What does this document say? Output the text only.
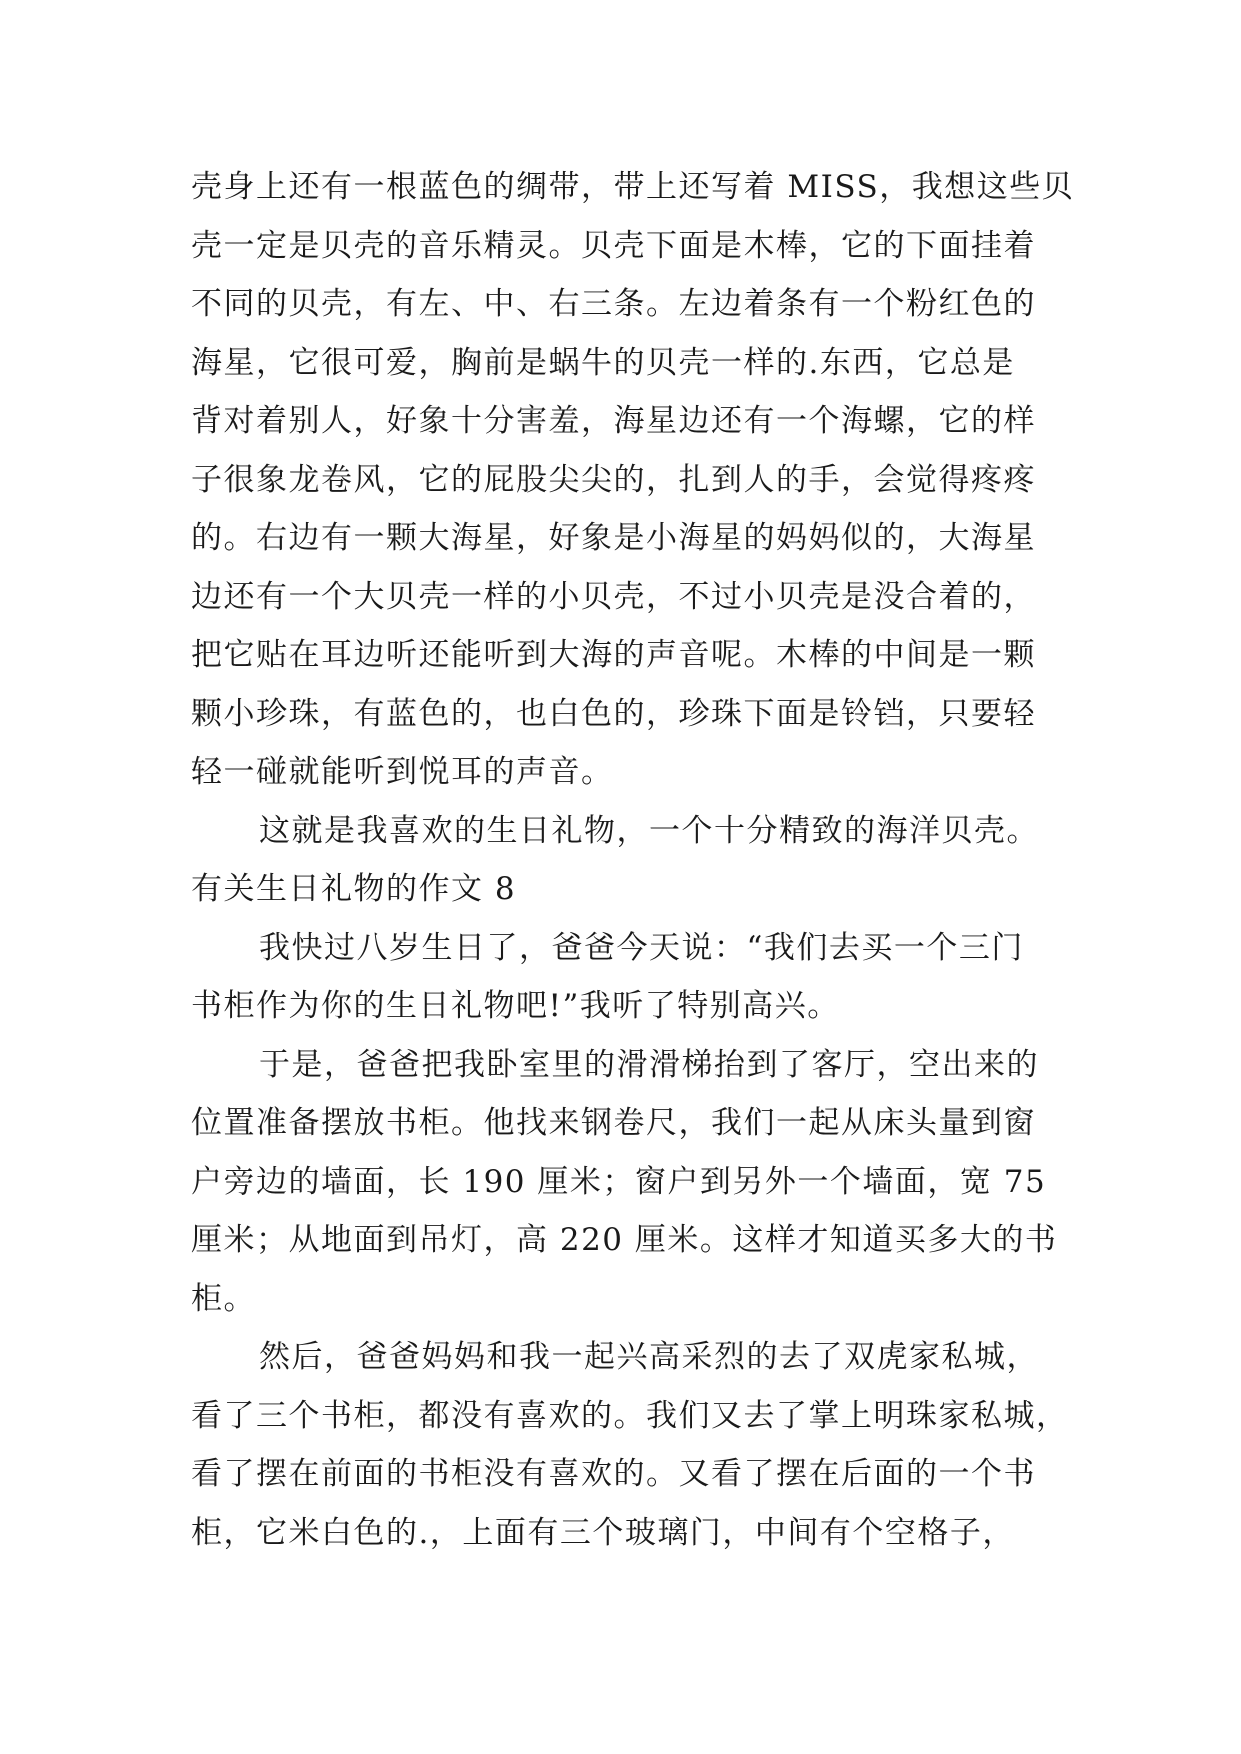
壳身上还有一根蓝色的绸带，带上还写着 MISS，我想这些贝
壳一定是贝壳的音乐精灵。贝壳下面是木棒，它的下面挂着
不同的贝壳，有左、中、右三条。左边着条有一个粉红色的
海星，它很可爱，胸前是蜗牛的贝壳一样的.东西，它总是
背对着别人，好象十分害羞，海星边还有一个海螺，它的样
子很象龙卷风，它的屁股尖尖的，扎到人的手，会觉得疼疼
的。右边有一颗大海星，好象是小海星的妈妈似的，大海星
边还有一个大贝壳一样的小贝壳，不过小贝壳是没合着的，
把它贴在耳边听还能听到大海的声音呢。木棒的中间是一颗
颗小珍珠，有蓝色的，也白色的，珍珠下面是铃铛，只要轻
轻一碰就能听到悦耳的声音。
这就是我喜欢的生日礼物，一个十分精致的海洋贝壳。
有关生日礼物的作文 8
我快过八岁生日了，爸爸今天说：“我们去买一个三门
书柜作为你的生日礼物吧!”我听了特别高兴。
于是，爸爸把我卧室里的滑滑梯抬到了客厅，空出来的
位置准备摆放书柜。他找来钢卷尺，我们一起从床头量到窗
户旁边的墙面，长 190 厘米；窗户到另外一个墙面，宽 75
厘米；从地面到吊灯，高 220 厘米。这样才知道买多大的书
柜。
然后，爸爸妈妈和我一起兴高采烈的去了双虎家私城，
看了三个书柜，都没有喜欢的。我们又去了掌上明珠家私城，
看了摆在前面的书柜没有喜欢的。又看了摆在后面的一个书
柜，它米白色的.，上面有三个玻璃门，中间有个空格子，
